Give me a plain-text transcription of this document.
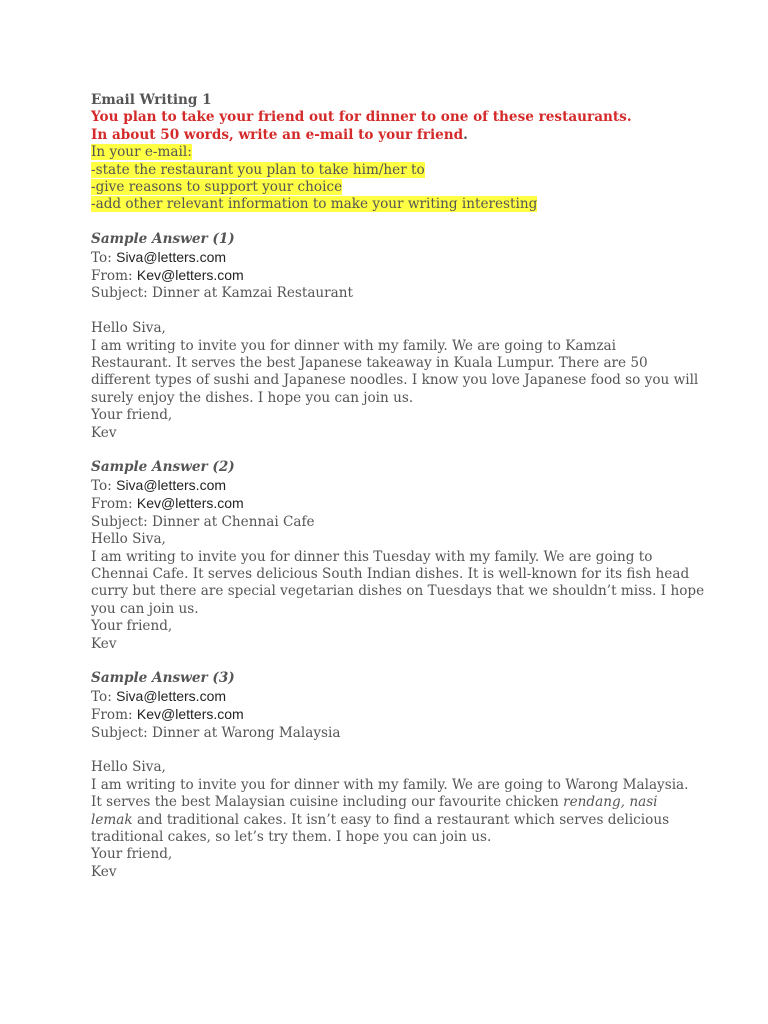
Email Writing 1
You plan to take your friend out for dinner to one of these restaurants.
In about 50 words, write an e-mail to your friend.
In your e-mail:
-state the restaurant you plan to take him/her to
-give reasons to support your choice
-add other relevant information to make your writing interesting
Sample Answer (1)
To: Siva@letters.com
From: Kev@letters.com
Subject: Dinner at Kamzai Restaurant
Hello Siva,
I am writing to invite you for dinner with my family. We are going to Kamzai
Restaurant. It serves the best Japanese takeaway in Kuala Lumpur. There are 50
different types of sushi and Japanese noodles. I know you love Japanese food so you will
surely enjoy the dishes. I hope you can join us.
Your friend,
Kev
Sample Answer (2)
To: Siva@letters.com
From: Kev@letters.com
Subject: Dinner at Chennai Cafe
Hello Siva,
I am writing to invite you for dinner this Tuesday with my family. We are going to
Chennai Cafe. It serves delicious South Indian dishes. It is well-known for its fish head
curry but there are special vegetarian dishes on Tuesdays that we shouldn’t miss. I hope
you can join us.
Your friend,
Kev
Sample Answer (3)
To: Siva@letters.com
From: Kev@letters.com
Subject: Dinner at Warong Malaysia
Hello Siva,
I am writing to invite you for dinner with my family. We are going to Warong Malaysia.
It serves the best Malaysian cuisine including our favourite chicken rendang, nasi
lemak and traditional cakes. It isn’t easy to find a restaurant which serves delicious
traditional cakes, so let’s try them. I hope you can join us.
Your friend,
Kev
